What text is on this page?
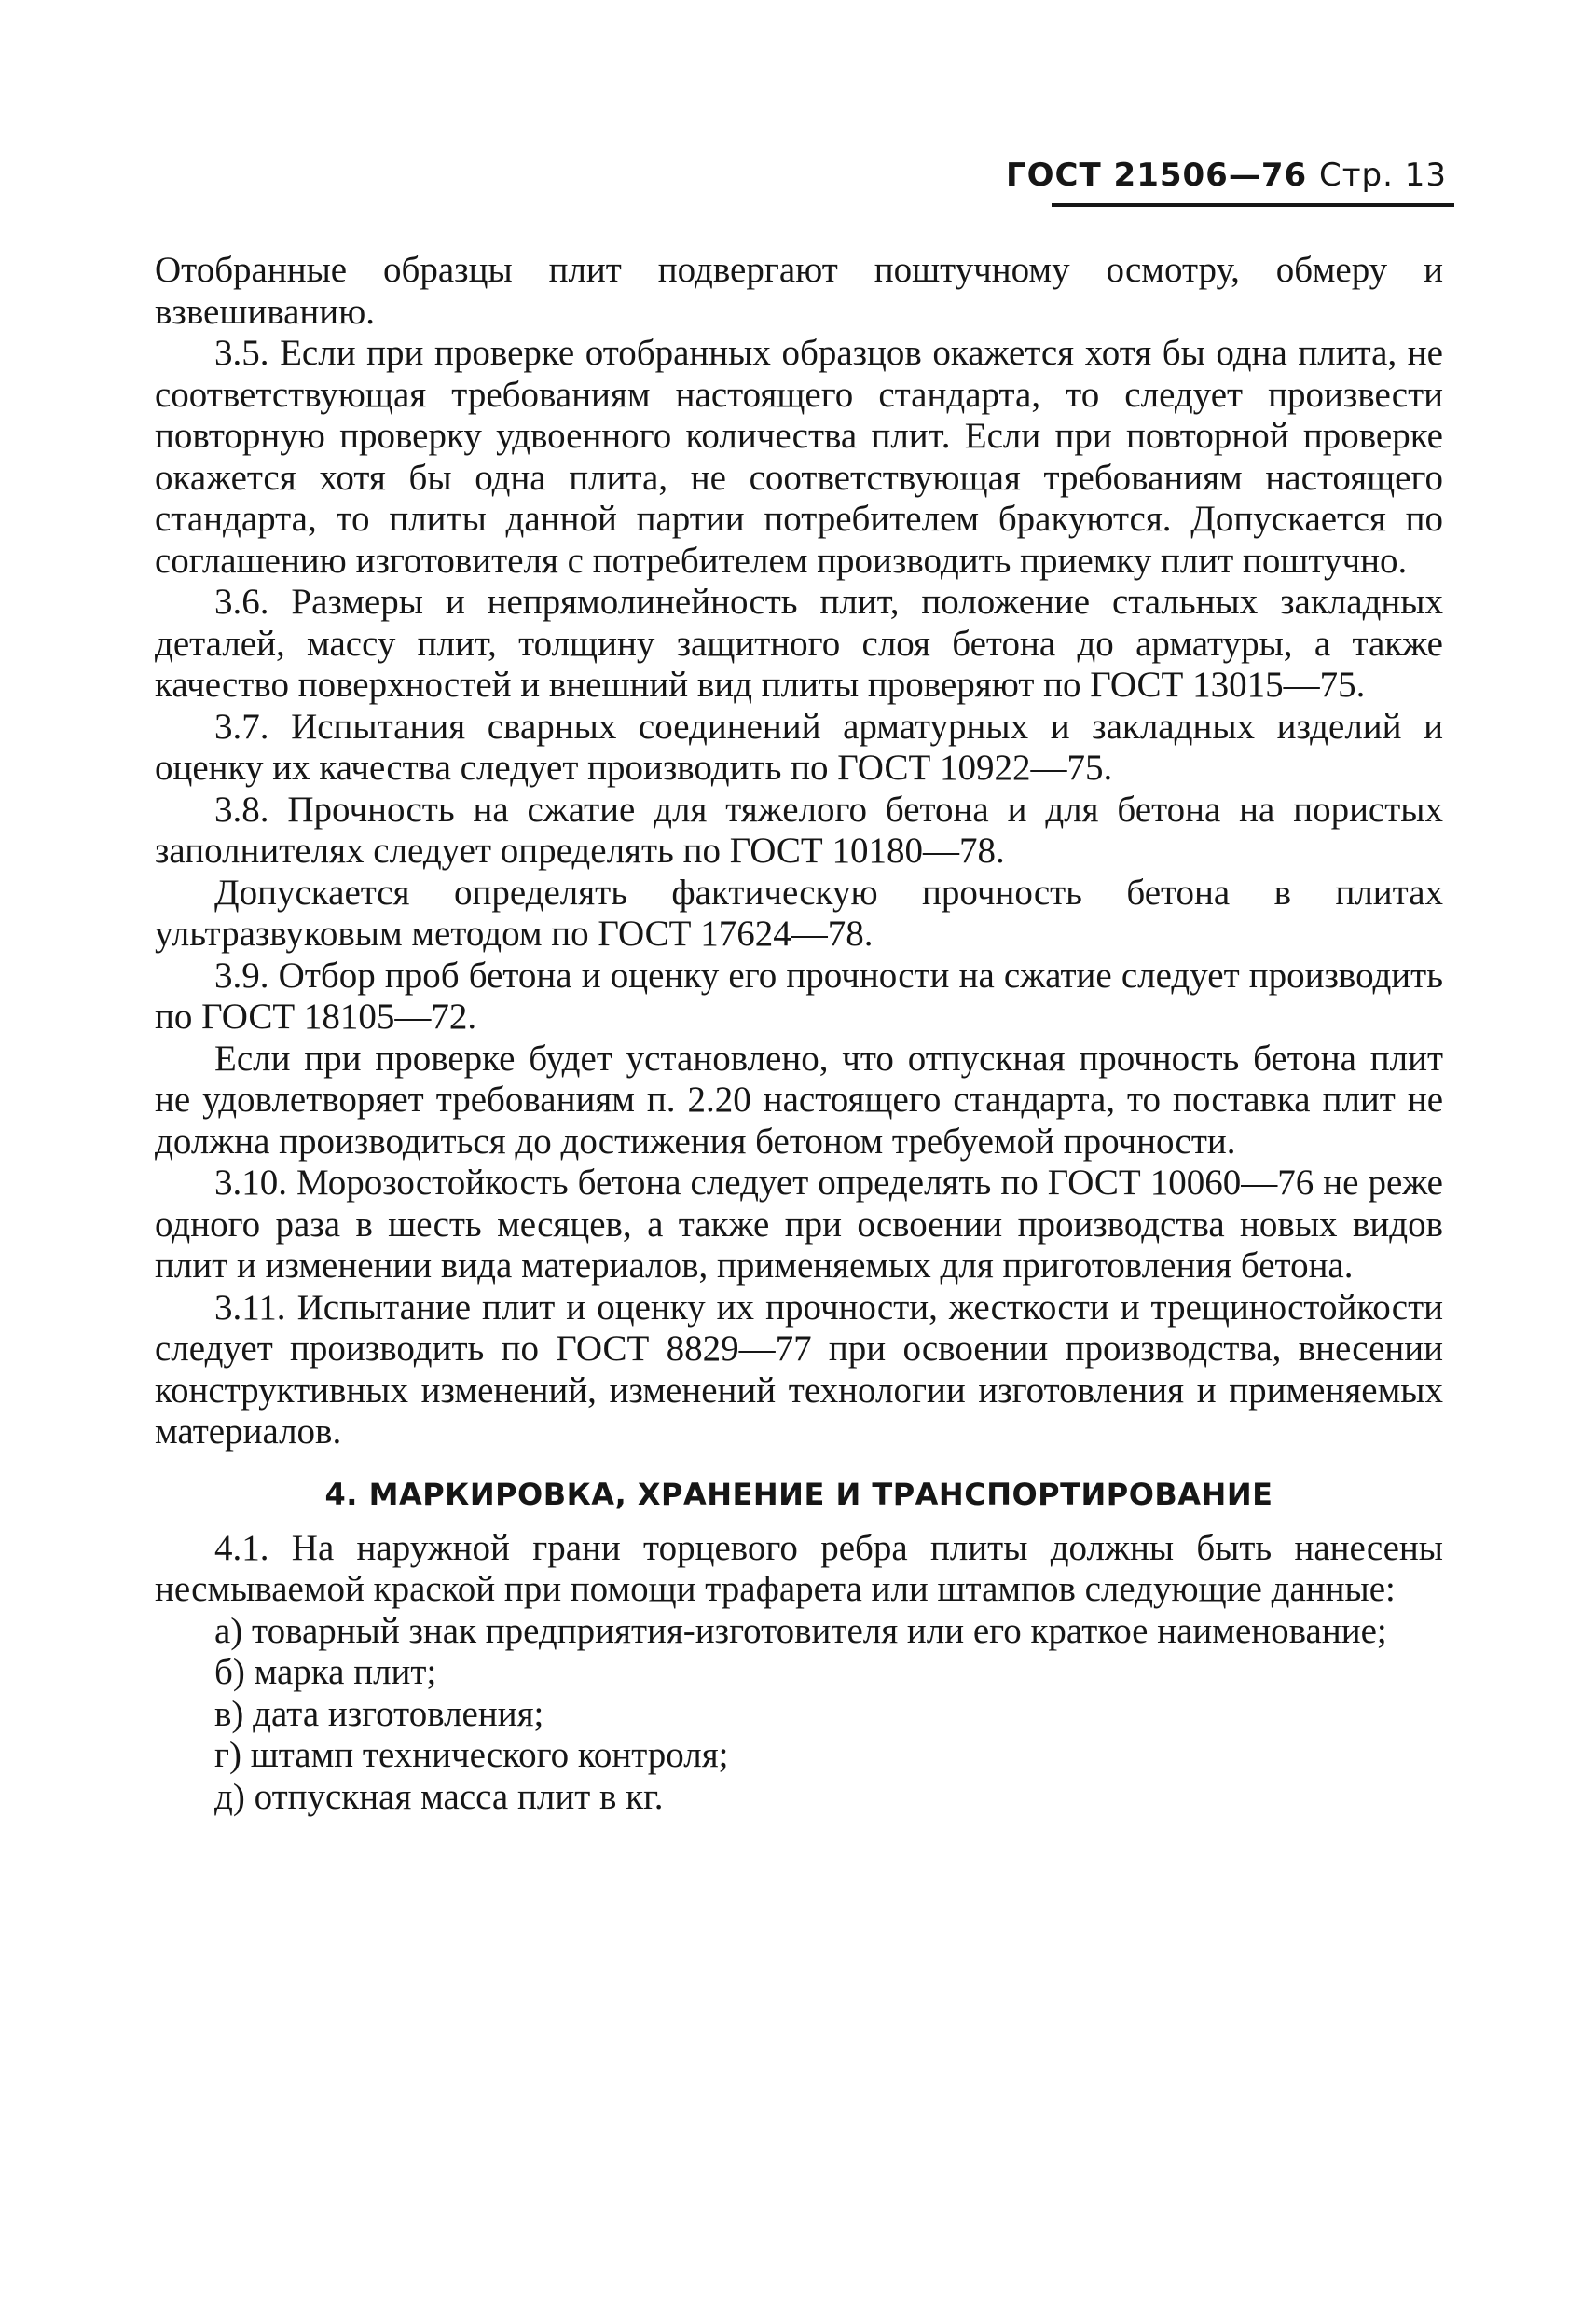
ГОСТ 21506—76 Стр. 13

Отобранные образцы плит подвергают поштучному осмотру, обмеру и взвешиванию.

3.5. Если при проверке отобранных образцов окажется хотя бы одна плита, не соответствующая требованиям настоящего стандарта, то следует произвести повторную проверку удвоенного количества плит. Если при повторной проверке окажется хотя бы одна плита, не соответствующая требованиям настоящего стандарта, то плиты данной партии потребителем бракуются. Допускается по соглашению изготовителя с потребителем производить приемку плит поштучно.

3.6. Размеры и непрямолинейность плит, положение стальных закладных деталей, массу плит, толщину защитного слоя бетона до арматуры, а также качество поверхностей и внешний вид плиты проверяют по ГОСТ 13015—75.

3.7. Испытания сварных соединений арматурных и закладных изделий и оценку их качества следует производить по ГОСТ 10922—75.

3.8. Прочность на сжатие для тяжелого бетона и для бетона на пористых заполнителях следует определять по ГОСТ 10180—78.

Допускается определять фактическую прочность бетона в плитах ультразвуковым методом по ГОСТ 17624—78.

3.9. Отбор проб бетона и оценку его прочности на сжатие следует производить по ГОСТ 18105—72.

Если при проверке будет установлено, что отпускная прочность бетона плит не удовлетворяет требованиям п. 2.20 настоящего стандарта, то поставка плит не должна производиться до достижения бетоном требуемой прочности.

3.10. Морозостойкость бетона следует определять по ГОСТ 10060—76 не реже одного раза в шесть месяцев, а также при освоении производства новых видов плит и изменении вида материалов, применяемых для приготовления бетона.

3.11. Испытание плит и оценку их прочности, жесткости и трещиностойкости следует производить по ГОСТ 8829—77 при освоении производства, внесении конструктивных изменений, изменений технологии изготовления и применяемых материалов.

4. МАРКИРОВКА, ХРАНЕНИЕ И ТРАНСПОРТИРОВАНИЕ

4.1. На наружной грани торцевого ребра плиты должны быть нанесены несмываемой краской при помощи трафарета или штампов следующие данные:

а) товарный знак предприятия-изготовителя или его краткое наименование;

б) марка плит;

в) дата изготовления;

г) штамп технического контроля;

д) отпускная масса плит в кг.
